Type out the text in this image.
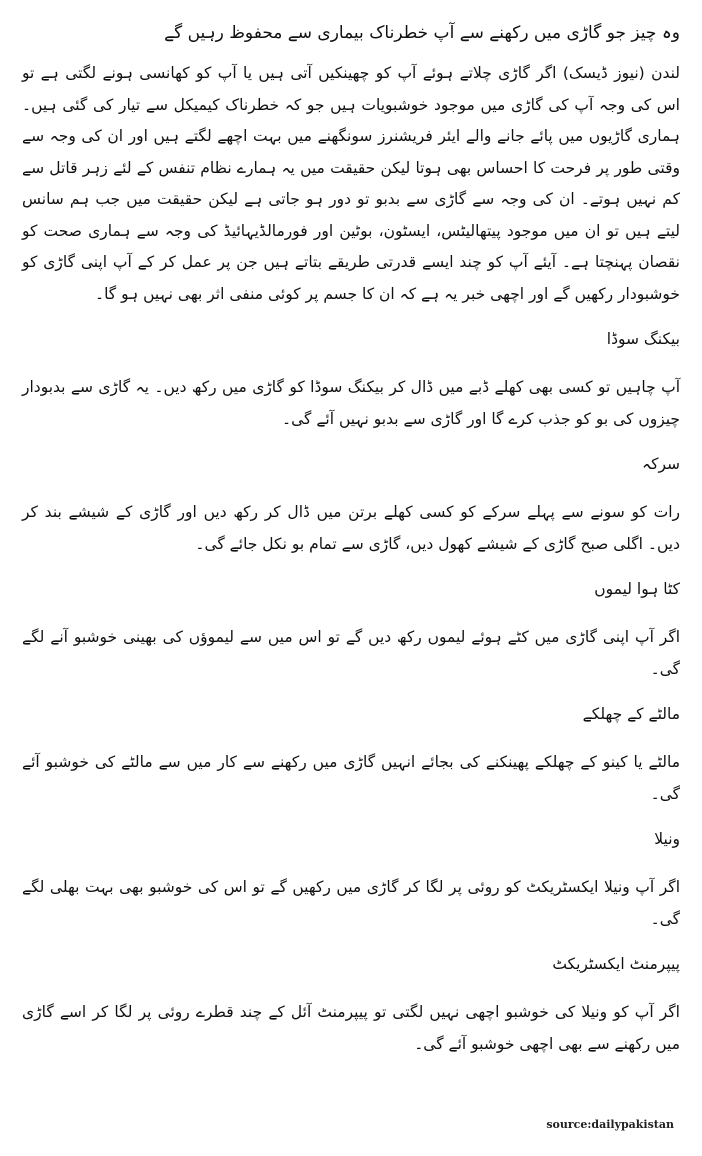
وہ چیز جو گاڑی میں رکھنے سے آپ خطرناک بیماری سے محفوظ رہیں گے

لندن (نیوز ڈیسک) اگر گاڑی چلاتے ہوئے آپ کو چھینکیں آتی ہیں یا آپ کو کھانسی ہونے لگتی ہے تو اس کی وجہ آپ کی گاڑی میں موجود خوشبویات ہیں جو کہ خطرناک کیمیکل سے تیار کی گئی ہیں۔ ہماری گاڑیوں میں پائے جانے والے ایئر فریشنرز سونگھنے میں بہت اچھے لگتے ہیں اور ان کی وجہ سے وقتی طور پر فرحت کا احساس بھی ہوتا لیکن حقیقت میں یہ ہمارے نظام تنفس کے لئے زہر قاتل سے کم نہیں ہوتے۔ ان کی وجہ سے گاڑی سے بدبو تو دور ہو جاتی ہے لیکن حقیقت میں جب ہم سانس لیتے ہیں تو ان میں موجود پیتھالیٹس، ایسٹون، بوٹین اور فورمالڈیہائیڈ کی وجہ سے ہماری صحت کو نقصان پہنچتا ہے۔ آیئے آپ کو چند ایسے قدرتی طریقے بتاتے ہیں جن پر عمل کر کے آپ اپنی گاڑی کو خوشبودار رکھیں گے اور اچھی خبر یہ ہے کہ ان کا جسم پر کوئی منفی اثر بھی نہیں ہو گا۔

بیکنگ سوڈا

آپ چاہیں تو کسی بھی کھلے ڈبے میں ڈال کر بیکنگ سوڈا کو گاڑی میں رکھ دیں۔ یہ گاڑی سے بدبودار چیزوں کی بو کو جذب کرے گا اور گاڑی سے بدبو نہیں آئے گی۔

سرکہ

رات کو سونے سے پہلے سرکے کو کسی کھلے برتن میں ڈال کر رکھ دیں اور گاڑی کے شیشے بند کر دیں۔ اگلی صبح گاڑی کے شیشے کھول دیں، گاڑی سے تمام بو نکل جائے گی۔

کٹا ہوا لیموں

اگر آپ اپنی گاڑی میں کٹے ہوئے لیموں رکھ دیں گے تو اس میں سے لیموؤں کی بھینی خوشبو آنے لگے گی۔

مالٹے کے چھلکے

مالٹے یا کینو کے چھلکے پھینکنے کی بجائے انہیں گاڑی میں رکھنے سے کار میں سے مالٹے کی خوشبو آئے گی۔

ونیلا

اگر آپ ونیلا ایکسٹریکٹ کو روئی پر لگا کر گاڑی میں رکھیں گے تو اس کی خوشبو بھی بہت بھلی لگے گی۔

پیپرمنٹ ایکسٹریکٹ

اگر آپ کو ونیلا کی خوشبو اچھی نہیں لگتی تو پیپرمنٹ آئل کے چند قطرے روئی پر لگا کر اسے گاڑی میں رکھنے سے بھی اچھی خوشبو آئے گی۔

source:dailypakistan
